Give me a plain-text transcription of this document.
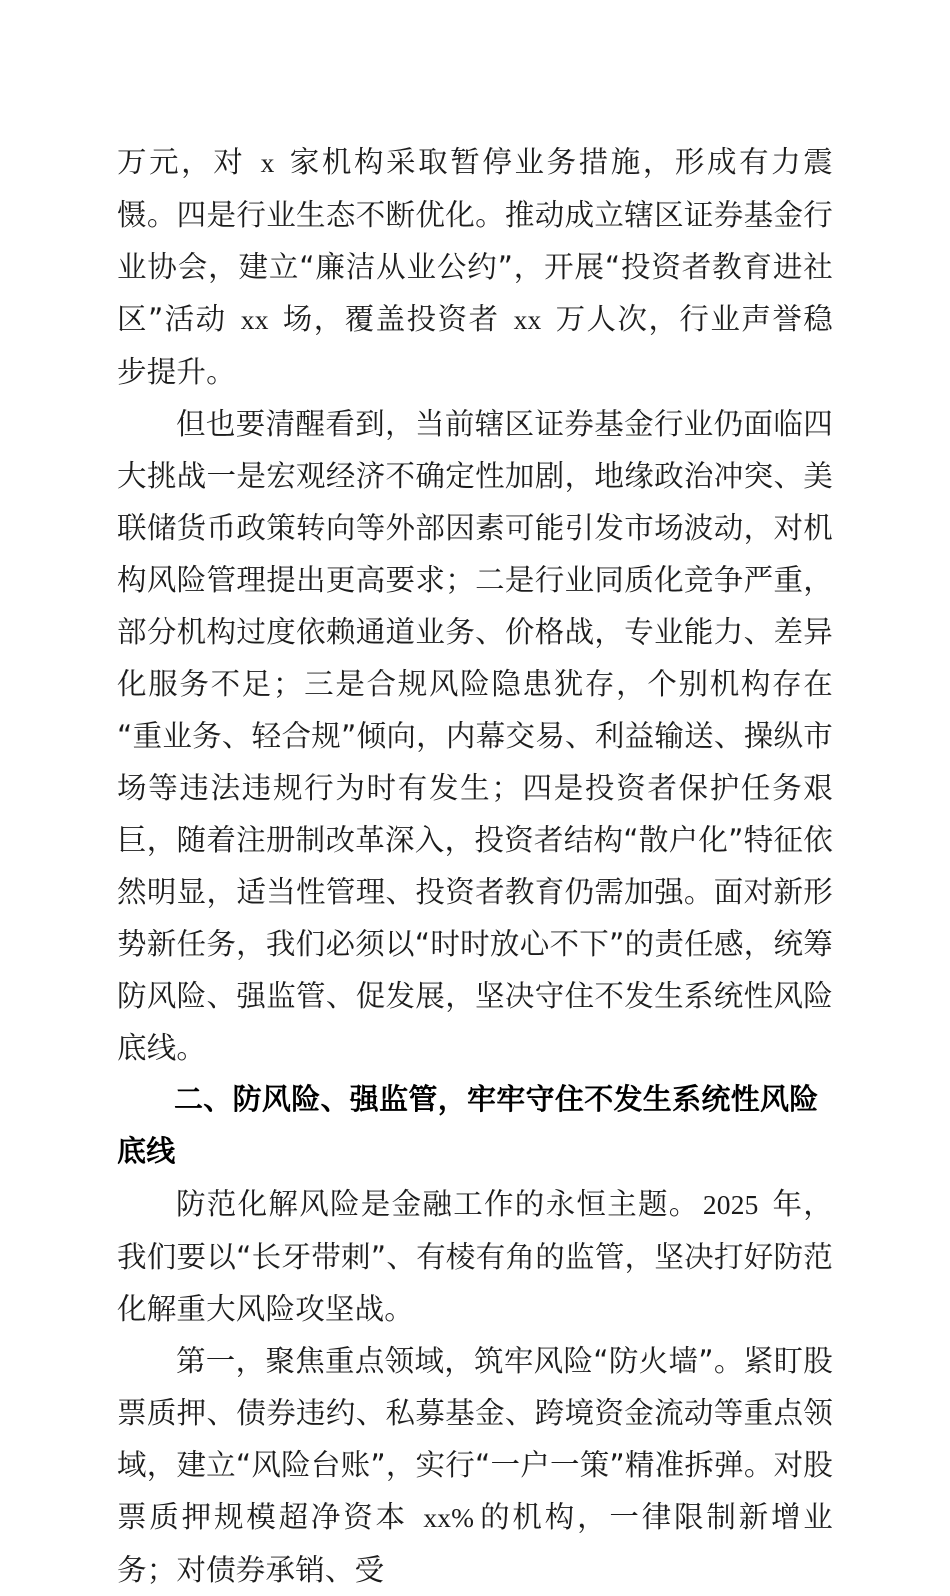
万元，对 x 家机构采取暂停业务措施，形成有力震慑。四是行业生态不断优化。推动成立辖区证券基金行业协会，建立“廉洁从业公约”，开展“投资者教育进社区”活动 xx 场，覆盖投资者 xx 万人次，行业声誉稳步提升。

但也要清醒看到，当前辖区证券基金行业仍面临四大挑战一是宏观经济不确定性加剧，地缘政治冲突、美联储货币政策转向等外部因素可能引发市场波动，对机构风险管理提出更高要求；二是行业同质化竞争严重，部分机构过度依赖通道业务、价格战，专业能力、差异化服务不足；三是合规风险隐患犹存，个别机构存在“重业务、轻合规”倾向，内幕交易、利益输送、操纵市场等违法违规行为时有发生；四是投资者保护任务艰巨，随着注册制改革深入，投资者结构“散户化”特征依然明显，适当性管理、投资者教育仍需加强。面对新形势新任务，我们必须以“时时放心不下”的责任感，统筹防风险、强监管、促发展，坚决守住不发生系统性风险底线。

二、防风险、强监管，牢牢守住不发生系统性风险底线

防范化解风险是金融工作的永恒主题。 2025 年，我们要以“长牙带刺”、有棱有角的监管，坚决打好防范化解重大风险攻坚战。

第一，聚焦重点领域，筑牢风险“防火墙”。紧盯股票质押、债券违约、私募基金、跨境资金流动等重点领域，建立“风险台账”，实行“一户一策”精准拆弹。对股票质押规模超净资本 xx% 的机构，一律限制新增业务；对债券承销、受
